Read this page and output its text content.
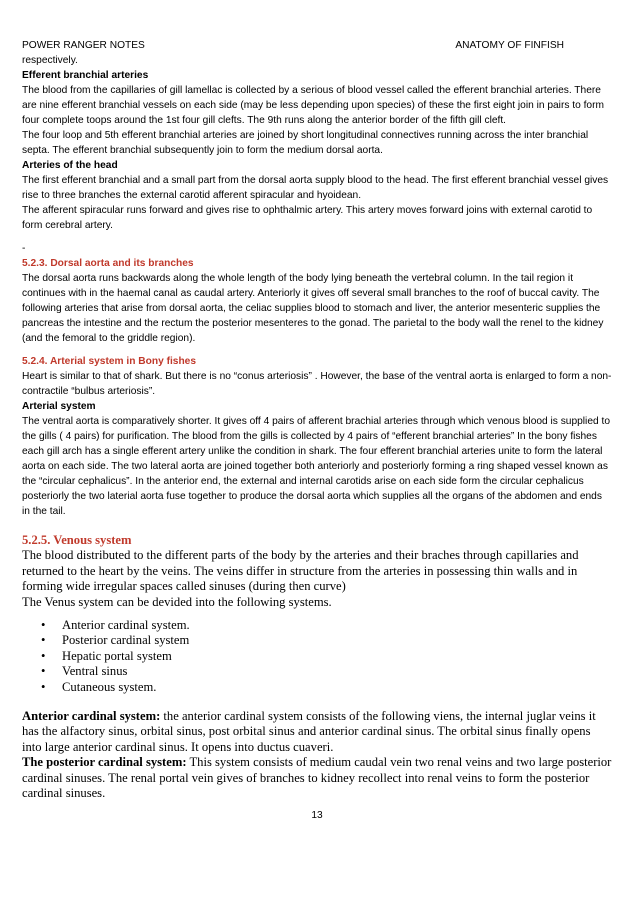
POWER RANGER NOTES	ANATOMY OF FINFISH

respectively.

Efferent branchial arteries

The blood from the capillaries of gill lamellac is collected by a serious of blood vessel called the efferent branchial arteries. There are nine efferent branchial vessels on each side (may be less depending upon species) of these the first eight join in pairs to form four complete toops around the 1st four gill clefts. The 9th runs along the anterior border of the fifth gill cleft.

The four loop and 5th efferent branchial arteries are joined by short longitudinal connectives running across the inter branchial septa. The efferent branchial subsequently join to form the medium dorsal aorta.

Arteries of the head

The first efferent branchial and a small part from the dorsal aorta supply blood to the head. The first efferent branchial vessel gives rise to three branches the external carotid afferent spiracular and hyoidean.

The afferent spiracular runs forward and gives rise to ophthalmic artery. This artery moves forward joins with external carotid to form cerebral artery.

-

5.2.3. Dorsal aorta and its branches

The dorsal aorta runs backwards along the whole length of the body lying beneath the vertebral column. In the tail region it continues with in the haemal canal as caudal artery. Anteriorly it gives off several small branches to the roof of buccal cavity. The following arteries that arise from dorsal aorta, the celiac supplies blood to stomach and liver, the anterior mesenteric supplies the pancreas the intestine and the rectum the posterior mesenteres to the gonad. The parietal to the body wall the renel to the kidney (and the femoral to the griddle region).

5.2.4. Arterial system in Bony fishes

Heart is similar to that of shark. But there is no “conus arteriosis” . However, the base of the ventral aorta is enlarged to form a non-contractile “bulbus arteriosis”.

Arterial system

The ventral aorta is comparatively shorter. It gives off 4 pairs of afferent brachial arteries through which venous blood is supplied to the gills ( 4 pairs) for purification. The blood from the gills is collected by 4 pairs of “efferent branchial arteries” In the bony fishes each gill arch has a single efferent artery unlike the condition in shark. The four efferent branchial arteries unite to form the lateral aorta on each side. The two lateral aorta are joined together both anteriorly and posteriorly forming a ring shaped vessel known as the “circular cephalicus”. In the anterior end, the external and internal carotids arise on each side form the circular cephalicus posteriorly the two laterial aorta fuse together to produce the dorsal aorta which supplies all the organs of the abdomen and ends in the tail.

5.2.5. Venous system

The blood distributed to the different parts of the body by the arteries and their braches through capillaries and returned to the heart by the veins. The veins differ in structure from the arteries in possessing thin walls and in forming wide irregular spaces called sinuses (during then curve)

The Venus system can be devided into the following systems.

• Anterior cardinal system.
• Posterior cardinal system
• Hepatic portal system
• Ventral sinus
• Cutaneous system.

Anterior cardinal system: the anterior cardinal system consists of the following viens, the internal juglar veins it has the alfactory sinus, orbital sinus, post orbital sinus and anterior cardinal sinus. The orbital sinus finally opens into large anterior cardinal sinus. It opens into ductus cuaveri.

The posterior cardinal system: This system consists of medium caudal vein two renal veins and two large posterior cardinal sinuses. The renal portal vein gives of branches to kidney recollect into renal veins to form the posterior cardinal sinuses.

13
